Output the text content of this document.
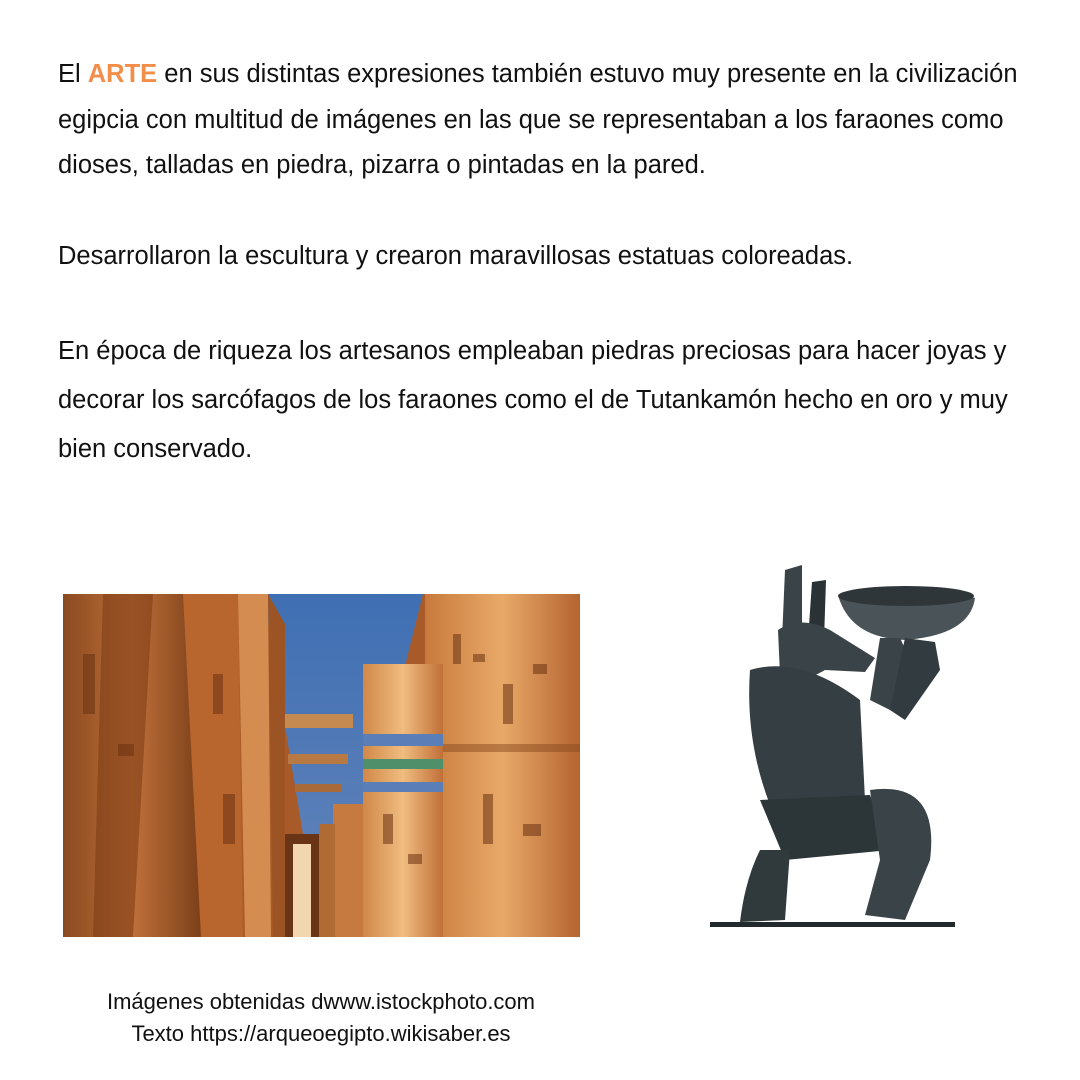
El ARTE en sus distintas expresiones también estuvo muy presente en la civilización egipcia con multitud de imágenes en las que se representaban a los faraones como dioses, talladas en piedra, pizarra o pintadas en la pared.

Desarrollaron la escultura y crearon maravillosas estatuas coloreadas.

En época de riqueza los artesanos empleaban piedras preciosas para hacer joyas y decorar los sarcófagos de los faraones como el de Tutankamón hecho en oro y muy bien conservado.

Imágenes obtenidas dwww.istockphoto.com
Texto https://arqueoegipto.wikisaber.es
